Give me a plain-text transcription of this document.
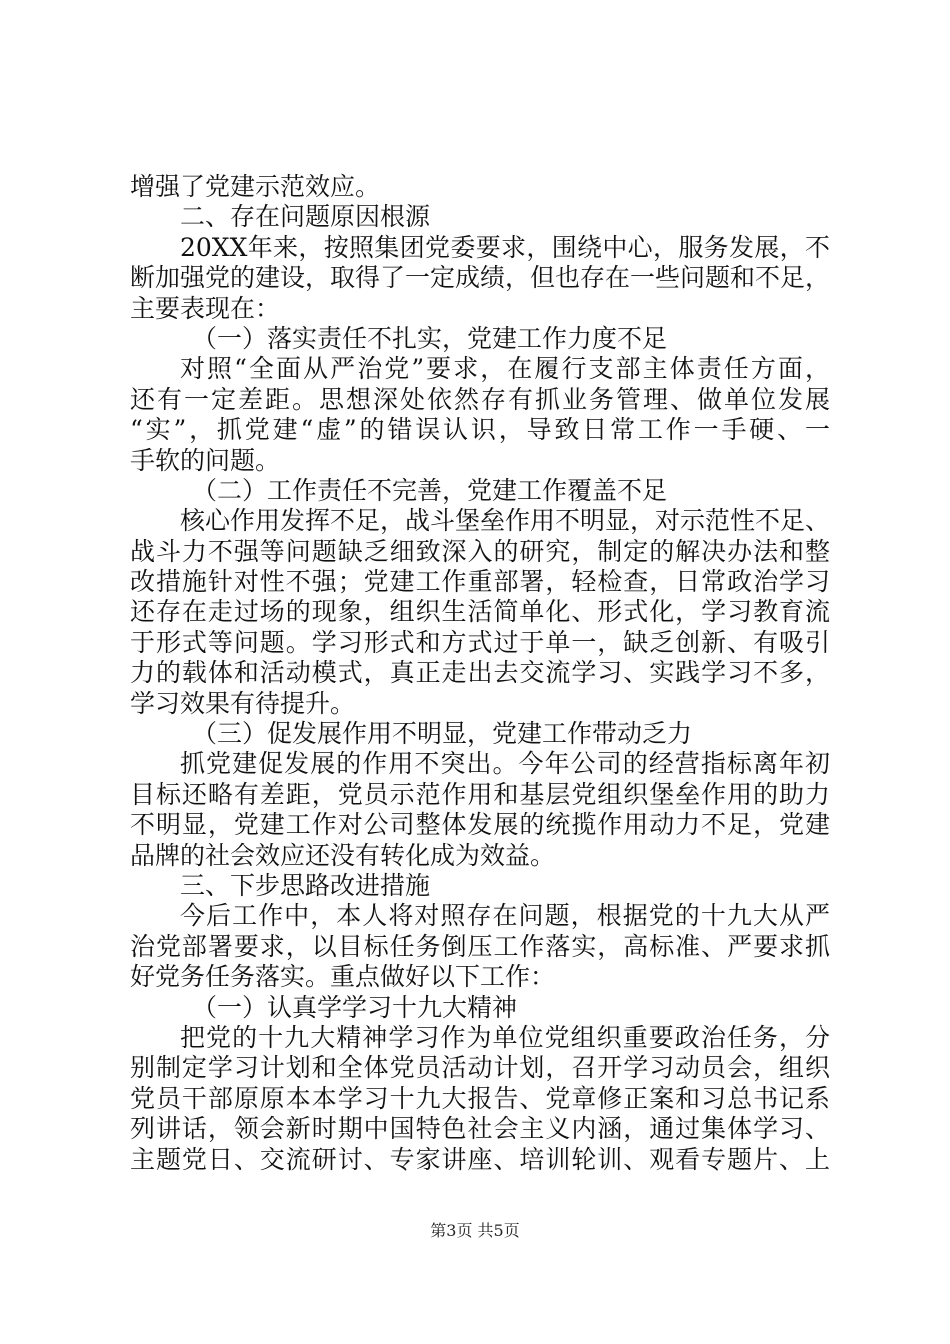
增强了党建示范效应。
二、存在问题原因根源
20XX年来，按照集团党委要求，围绕中心，服务发展，不
断加强党的建设，取得了一定成绩，但也存在一些问题和不足，
主要表现在：
（一）落实责任不扎实，党建工作力度不足
对照“全面从严治党”要求，在履行支部主体责任方面，
还有一定差距。思想深处依然存有抓业务管理、做单位发展
“实”，抓党建“虚”的错误认识，导致日常工作一手硬、一
手软的问题。
（二）工作责任不完善，党建工作覆盖不足
核心作用发挥不足，战斗堡垒作用不明显，对示范性不足、
战斗力不强等问题缺乏细致深入的研究，制定的解决办法和整
改措施针对性不强；党建工作重部署，轻检查，日常政治学习
还存在走过场的现象，组织生活简单化、形式化，学习教育流
于形式等问题。学习形式和方式过于单一，缺乏创新、有吸引
力的载体和活动模式，真正走出去交流学习、实践学习不多，
学习效果有待提升。
（三）促发展作用不明显，党建工作带动乏力
抓党建促发展的作用不突出。今年公司的经营指标离年初
目标还略有差距，党员示范作用和基层党组织堡垒作用的助力
不明显，党建工作对公司整体发展的统揽作用动力不足，党建
品牌的社会效应还没有转化成为效益。
三、下步思路改进措施
今后工作中，本人将对照存在问题，根据党的十九大从严
治党部署要求，以目标任务倒压工作落实，高标准、严要求抓
好党务任务落实。重点做好以下工作：
（一）认真学学习十九大精神
把党的十九大精神学习作为单位党组织重要政治任务，分
别制定学习计划和全体党员活动计划，召开学习动员会，组织
党员干部原原本本学习十九大报告、党章修正案和习总书记系
列讲话，领会新时期中国特色社会主义内涵，通过集体学习、
主题党日、交流研讨、专家讲座、培训轮训、观看专题片、上
第3页 共5页
